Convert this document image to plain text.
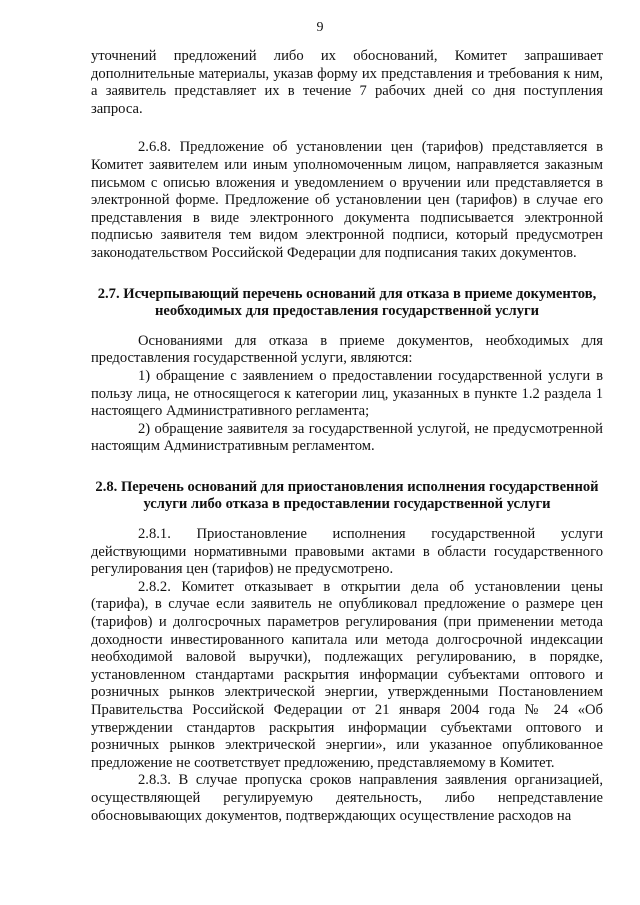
9

уточнений предложений либо их обоснований, Комитет запрашивает дополнительные материалы, указав форму их представления и требования к ним, а заявитель представляет их в течение 7 рабочих дней со дня поступления запроса.

2.6.8. Предложение об установлении цен (тарифов) представляется в Комитет заявителем или иным уполномоченным лицом, направляется заказным письмом с описью вложения и уведомлением о вручении или представляется в электронной форме. Предложение об установлении цен (тарифов) в случае его представления в виде электронного документа подписывается электронной подписью заявителя тем видом электронной подписи, который предусмотрен законодательством Российской Федерации для подписания таких документов.

2.7. Исчерпывающий перечень оснований для отказа в приеме документов, необходимых для предоставления государственной услуги

Основаниями для отказа в приеме документов, необходимых для предоставления государственной услуги, являются:

1) обращение с заявлением о предоставлении государственной услуги в пользу лица, не относящегося к категории лиц, указанных в пункте 1.2 раздела 1 настоящего Административного регламента;

2) обращение заявителя за государственной услугой, не предусмотренной настоящим Административным регламентом.

2.8. Перечень оснований для приостановления исполнения государственной услуги либо отказа в предоставлении государственной услуги

2.8.1. Приостановление исполнения государственной услуги действующими нормативными правовыми актами в области государственного регулирования цен (тарифов) не предусмотрено.

2.8.2. Комитет отказывает в открытии дела об установлении цены (тарифа), в случае если заявитель не опубликовал предложение о размере цен (тарифов) и долгосрочных параметров регулирования (при применении метода доходности инвестированного капитала или метода долгосрочной индексации необходимой валовой выручки), подлежащих регулированию, в порядке, установленном стандартами раскрытия информации субъектами оптового и розничных рынков электрической энергии, утвержденными Постановлением Правительства Российской Федерации от 21 января 2004 года № 24 «Об утверждении стандартов раскрытия информации субъектами оптового и розничных рынков электрической энергии», или указанное опубликованное предложение не соответствует предложению, представляемому в Комитет.

2.8.3. В случае пропуска сроков направления заявления организацией, осуществляющей регулируемую деятельность, либо непредставление обосновывающих документов, подтверждающих осуществление расходов на
